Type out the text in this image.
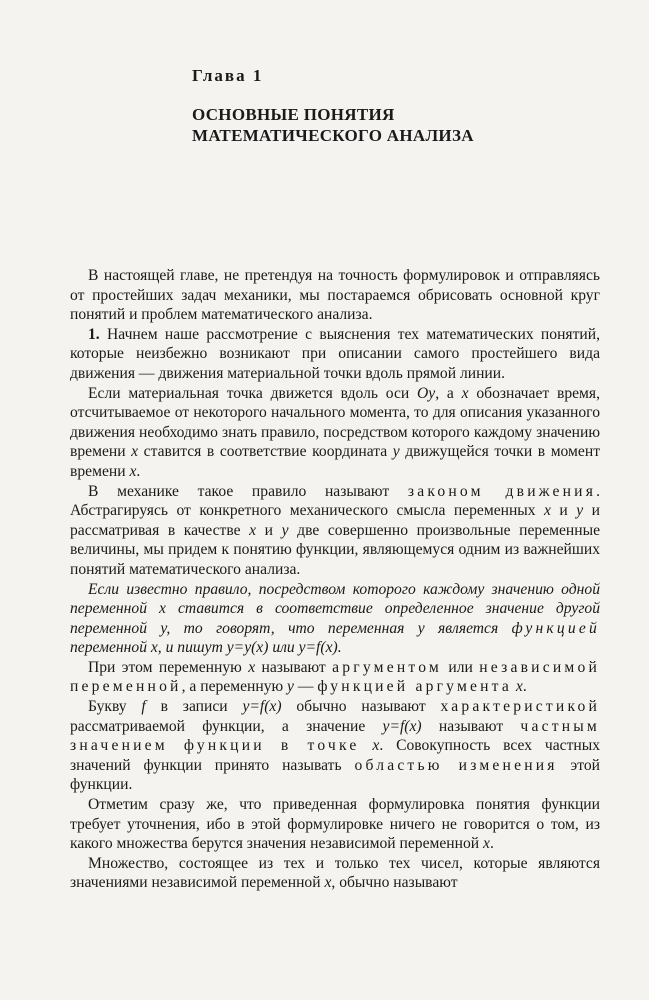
Глава 1
ОСНОВНЫЕ ПОНЯТИЯ
МАТЕМАТИЧЕСКОГО АНАЛИЗА

В настоящей главе, не претендуя на точность формулировок и отправляясь от простейших задач механики, мы постараемся обрисовать основной круг понятий и проблем математического анализа.

1. Начнем наше рассмотрение с выяснения тех математических понятий, которые неизбежно возникают при описании самого простейшего вида движения — движения материальной точки вдоль прямой линии.

Если материальная точка движется вдоль оси Oy, а x обозначает время, отсчитываемое от некоторого начального момента, то для описания указанного движения необходимо знать правило, посредством которого каждому значению времени x ставится в соответствие координата y движущейся точки в момент времени x.

В механике такое правило называют законом движения. Абстрагируясь от конкретного механического смысла переменных x и y и рассматривая в качестве x и y две совершенно произвольные переменные величины, мы придем к понятию функции, являющемуся одним из важнейших понятий математического анализа.

Если известно правило, посредством которого каждому значению одной переменной x ставится в соответствие определенное значение другой переменной y, то говорят, что переменная y является функцией переменной x, и пишут y=y(x) или y=f(x).

При этом переменную x называют аргументом или независимой переменной, а переменную y — функцией аргумента x.

Букву f в записи y=f(x) обычно называют характеристикой рассматриваемой функции, а значение y=f(x) называют частным значением функции в точке x. Совокупность всех частных значений функции принято называть областью изменения этой функции.

Отметим сразу же, что приведенная формулировка понятия функции требует уточнения, ибо в этой формулировке ничего не говорится о том, из какого множества берутся значения независимой переменной x.

Множество, состоящее из тех и только тех чисел, которые являются значениями независимой переменной x, обычно называют
